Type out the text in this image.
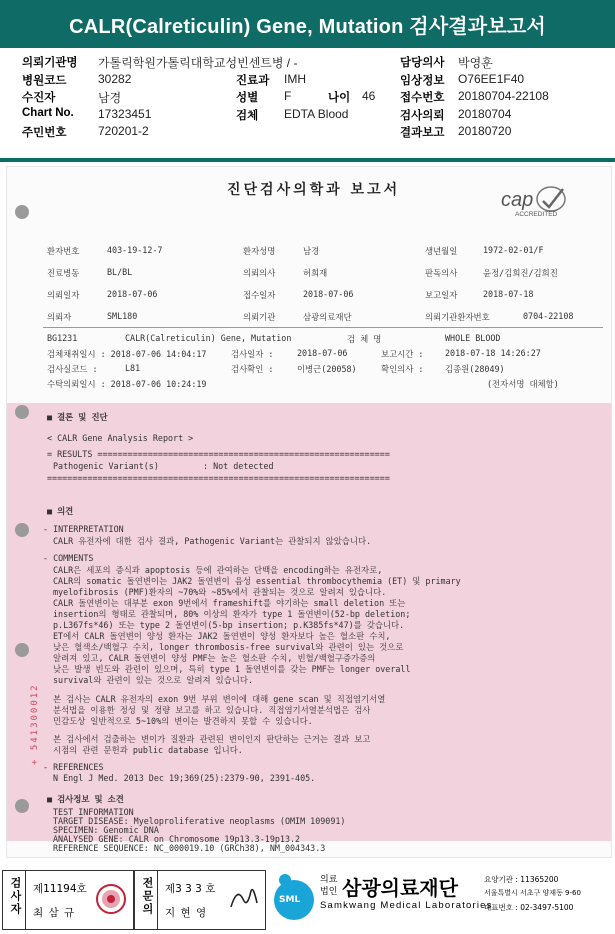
CALR(Calreticulin) Gene, Mutation 검사결과보고서
의뢰기관명 가톨릭학원가톨릭대학교성빈센트병 / -	담당의사 박영훈
병원코드	30282	진료과 IMH	임상정보 O76EE1F40
수진자	남경	성별 F	나이 46 접수번호 20180704-22108
Chart No. 17323451	검체 EDTA Blood	검사의뢰 20180704
주민번호	720201-2	결과보고 20180720
진단검사의학과 보고서	cap
ACCREDITED
환자번호	403-19-12-7	환자성명	남경	생년월일	1972-02-01/F
진료병동	BL/BL	의뢰의사	허희재	판독의사	윤정/김희진/김희진
의뢰일자	2018-07-06	접수일자	2018-07-06	보고일자	2018-07-18
의뢰자	SML180	의뢰기관	삼광의료재단	의뢰기관환자번호	0704-22108
BG1231	CALR(Calreticulin) Gene, Mutation	검 체 명	WHOLE BLOOD
검체채취일시 : 2018-07-06 14:04:17	검사일자 :	2018-07-06	보고시간 :	2018-07-18 14:26:27
검사실코드 :	L81	검사확인 :	이병근(20058)	확인의사 :	김종원(28049)
수탁의뢰일시 : 2018-07-06 10:24:19	(전자서명 대체함)
■ 결론 및 진단
< CALR Gene Analysis Report >
= RESULTS ==========================================================
Pathogenic Variant(s)	: Not detected
====================================================================
■ 의견
- INTERPRETATION
CALR 유전자에 대한 검사 결과, Pathogenic Variant는 관찰되지 않았습니다.
- COMMENTS
CALR은 세포의 증식과 apoptosis 등에 관여하는 단백을 encoding하는 유전자로,
CALR의 somatic 돌연변이는 JAK2 돌연변이 음성 essential thrombocythemia (ET) 및 primary
myelofibrosis (PMF)환자의 ~70%와 ~85%에서 관찰되는 것으로 알려져 있습니다.
CALR 돌연변이는 대부분 exon 9번에서 frameshift를 야기하는 small deletion 또는
insertion의 형태로 관찰되며, 80% 이상의 환자가 type 1 돌연변이(52-bp deletion;
p.L367fs*46) 또는 type 2 돌연변이(5-bp insertion; p.K385fs*47)를 갖습니다.
ET에서 CALR 돌연변이 양성 환자는 JAK2 돌연변이 양성 환자보다 높은 혈소판 수치,
낮은 혈색소/백혈구 수치, longer thrombosis-free survival와 관련이 있는 것으로
알려져 있고, CALR 돌연변이 양성 PMF는 높은 혈소판 수치, 빈혈/백혈구증가증의
낮은 발생 빈도와 관련이 있으며, 특히 type 1 돌연변이를 갖는 PMF는 longer overall
survival와 관련이 있는 것으로 알려져 있습니다.
본 검사는 CALR 유전자의 exon 9번 부위 변이에 대해 gene scan 및 직접염기서열
분석법을 이용한 정성 및 정량 보고를 하고 있습니다. 직접염기서열분석법은 검사
민감도상 일반적으로 5~10%의 변이는 발견하지 못할 수 있습니다.
본 검사에서 검출하는 변이가 질환과 관련된 변이인지 판단하는 근거는 결과 보고
시점의 관련 문헌과 public database 입니다.
- REFERENCES
N Engl J Med. 2013 Dec 19;369(25):2379-90, 2391-405.
■ 검사정보 및 소견
TEST INFORMATION
TARGET DISEASE: Myeloproliferative neoplasms (OMIM 109091)
SPECIMEN: Genomic DNA
ANALYSED GENE: CALR on Chromosome 19p13.3-19p13.2
REFERENCE SEQUENCE: NC_000019.10 (GRCh38), NM_004343.3
+ 541300012
검사자 제11194호
최 삼 규	전문의 제3 3 3 호
지 현 영
SML
의료
법인 삼광의료재단
Samkwang Medical Laboratories
요양기관 : 11365200
서울특별시 서초구 양재동 9-60
대표번호 : 02-3497-5100
